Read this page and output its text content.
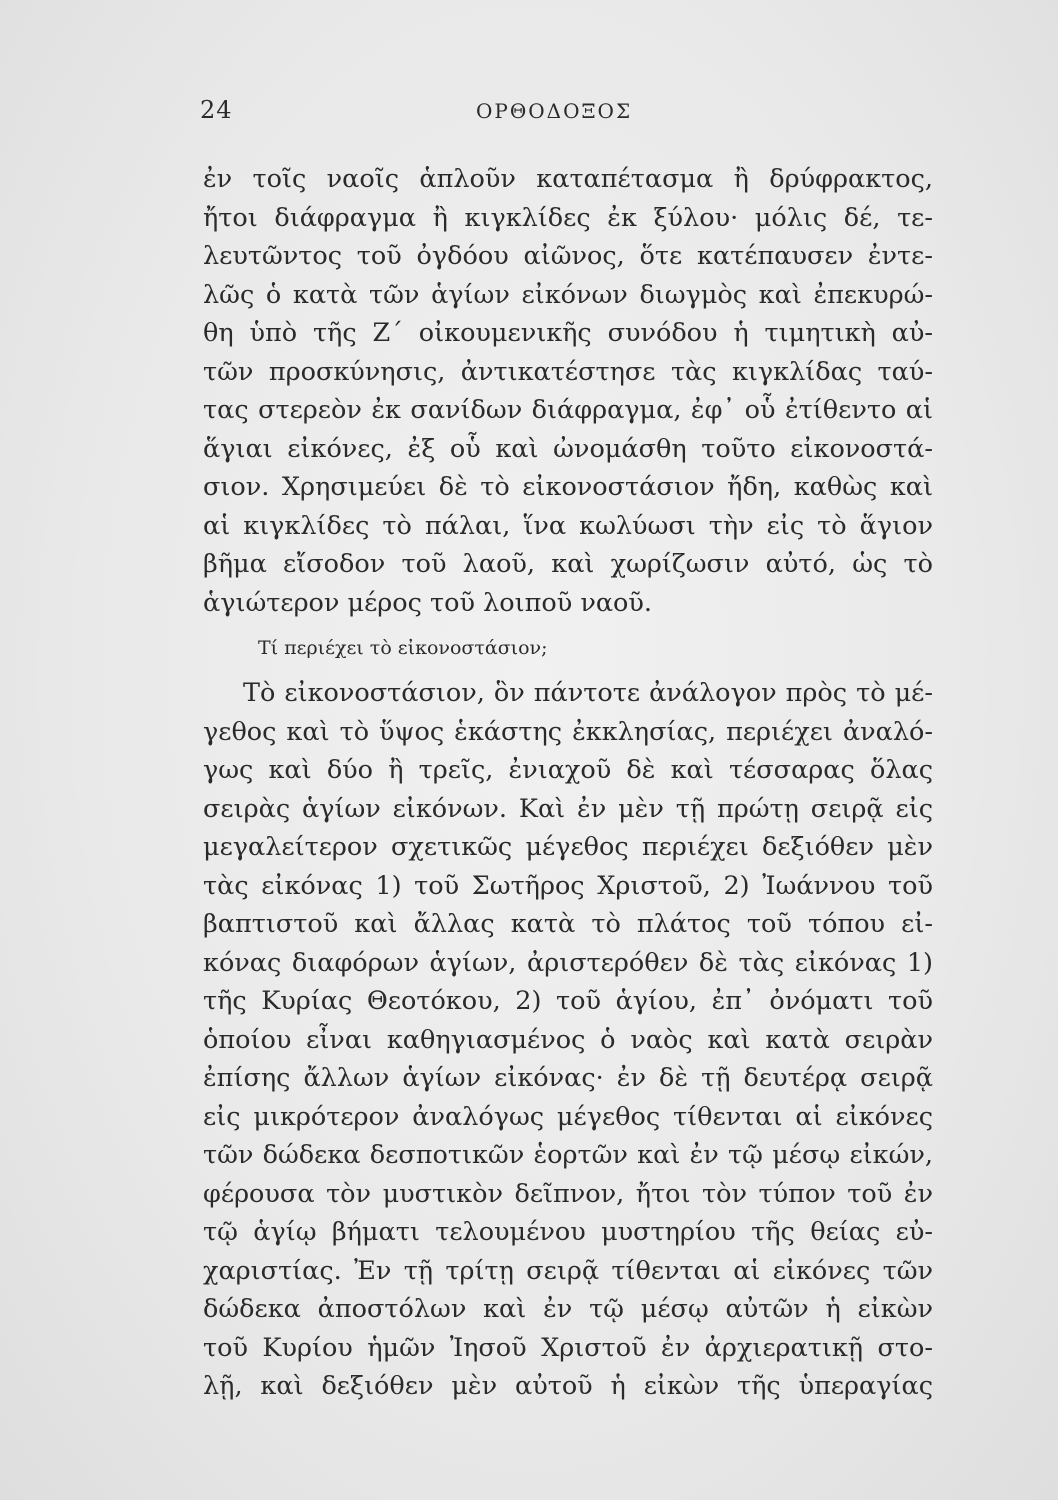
24	ΟΡΘΟΔΟΞΟΣ
ἐν τοῖς ναοῖς ἁπλοῦν καταπέτασμα ἢ δρύφρακτος,
ἤτοι διάφραγμα ἢ κιγκλίδες ἐκ ξύλου· μόλις δέ, τε-
λευτῶντος τοῦ ὀγδόου αἰῶνος, ὅτε κατέπαυσεν ἐντε-
λῶς ὁ κατὰ τῶν ἁγίων εἰκόνων διωγμὸς καὶ ἐπεκυρώ-
θη ὑπὸ τῆς Ζ΄ οἰκουμενικῆς συνόδου ἡ τιμητικὴ αὐ-
τῶν προσκύνησις, ἀντικατέστησε τὰς κιγκλίδας ταύ-
τας στερεὸν ἐκ σανίδων διάφραγμα, ἐφ᾽ οὗ ἐτίθεντο αἱ
ἅγιαι εἰκόνες, ἐξ οὗ καὶ ὠνομάσθη τοῦτο εἰκονοστά-
σιον. Χρησιμεύει δὲ τὸ εἰκονοστάσιον ἤδη, καθὼς καὶ
αἱ κιγκλίδες τὸ πάλαι, ἵνα κωλύωσι τὴν εἰς τὸ ἅγιον
βῆμα εἴσοδον τοῦ λαοῦ, καὶ χωρίζωσιν αὐτό, ὡς τὸ
ἁγιώτερον μέρος τοῦ λοιποῦ ναοῦ.
Τί περιέχει τὸ εἰκονοστάσιον;
Τὸ εἰκονοστάσιον, ὃν πάντοτε ἀνάλογον πρὸς τὸ μέ-
γεθος καὶ τὸ ὕψος ἑκάστης ἐκκλησίας, περιέχει ἀναλό-
γως καὶ δύο ἢ τρεῖς, ἐνιαχοῦ δὲ καὶ τέσσαρας ὅλας
σειρὰς ἁγίων εἰκόνων. Καὶ ἐν μὲν τῇ πρώτῃ σειρᾷ εἰς
μεγαλείτερον σχετικῶς μέγεθος περιέχει δεξιόθεν μὲν
τὰς εἰκόνας 1) τοῦ Σωτῆρος Χριστοῦ, 2) Ἰωάννου τοῦ
βαπτιστοῦ καὶ ἄλλας κατὰ τὸ πλάτος τοῦ τόπου εἰ-
κόνας διαφόρων ἁγίων, ἀριστερόθεν δὲ τὰς εἰκόνας 1)
τῆς Κυρίας Θεοτόκου, 2) τοῦ ἁγίου, ἐπ᾽ ὀνόματι τοῦ
ὁποίου εἶναι καθηγιασμένος ὁ ναὸς καὶ κατὰ σειρὰν
ἐπίσης ἄλλων ἁγίων εἰκόνας· ἐν δὲ τῇ δευτέρᾳ σειρᾷ
εἰς μικρότερον ἀναλόγως μέγεθος τίθενται αἱ εἰκόνες
τῶν δώδεκα δεσποτικῶν ἑορτῶν καὶ ἐν τῷ μέσῳ εἰκών,
φέρουσα τὸν μυστικὸν δεῖπνον, ἤτοι τὸν τύπον τοῦ ἐν
τῷ ἁγίῳ βήματι τελουμένου μυστηρίου τῆς θείας εὐ-
χαριστίας. Ἐν τῇ τρίτῃ σειρᾷ τίθενται αἱ εἰκόνες τῶν
δώδεκα ἀποστόλων καὶ ἐν τῷ μέσῳ αὐτῶν ἡ εἰκὼν
τοῦ Κυρίου ἡμῶν Ἰησοῦ Χριστοῦ ἐν ἀρχιερατικῇ στο-
λῇ, καὶ δεξιόθεν μὲν αὐτοῦ ἡ εἰκὼν τῆς ὑπεραγίας
